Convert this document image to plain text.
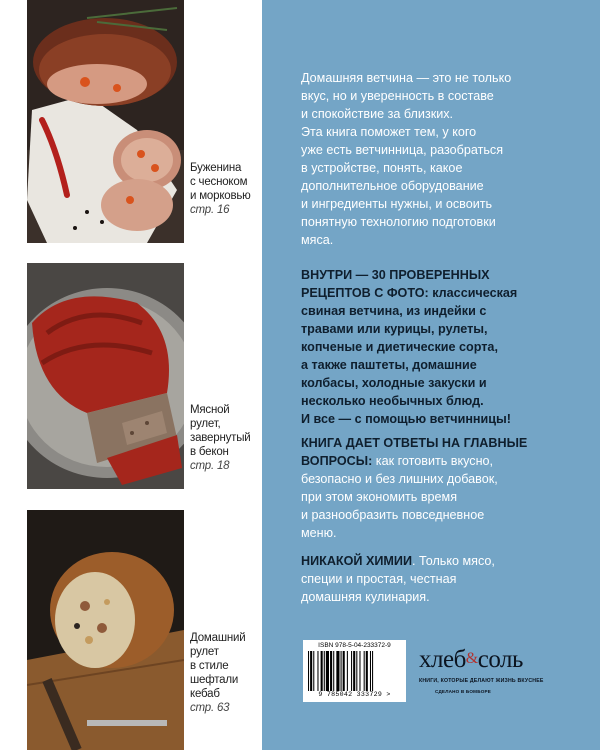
Буженина
с чесноком
и морковью
стр. 16
Мясной
рулет,
завернутый
в бекон
стр. 18
Домашний
рулет
в стиле
шефтали
кебаб
стр. 63
Домашняя ветчина — это не только
вкус, но и уверенность в составе
и спокойствие за близких.
Эта книга поможет тем, у кого
уже есть ветчинница, разобраться
в устройстве, понять, какое
дополнительное оборудование
и ингредиенты нужны, и освоить
понятную технологию подготовки
мяса.
ВНУТРИ — 30 ПРОВЕРЕННЫХ
РЕЦЕПТОВ С ФОТО: классическая
свиная ветчина, из индейки с
травами или курицы, рулеты,
копченые и диетические сорта,
а также паштеты, домашние
колбасы, холодные закуски и
несколько необычных блюд.
И все — с помощью ветчинницы!
КНИГА ДАЕТ ОТВЕТЫ НА ГЛАВНЫЕ
ВОПРОСЫ: как готовить вкусно,
безопасно и без лишних добавок,
при этом экономить время
и разнообразить повседневное
меню.
НИКАКОЙ ХИМИИ. Только мясо,
специи и простая, честная
домашняя кулинария.
ISBN 978-5-04-233372-9
9 785042 333729 >
хлеб&соль
КНИГИ, КОТОРЫЕ ДЕЛАЮТ ЖИЗНЬ ВКУСНЕЕ
СДЕЛАНО В БОМБОРЕ
